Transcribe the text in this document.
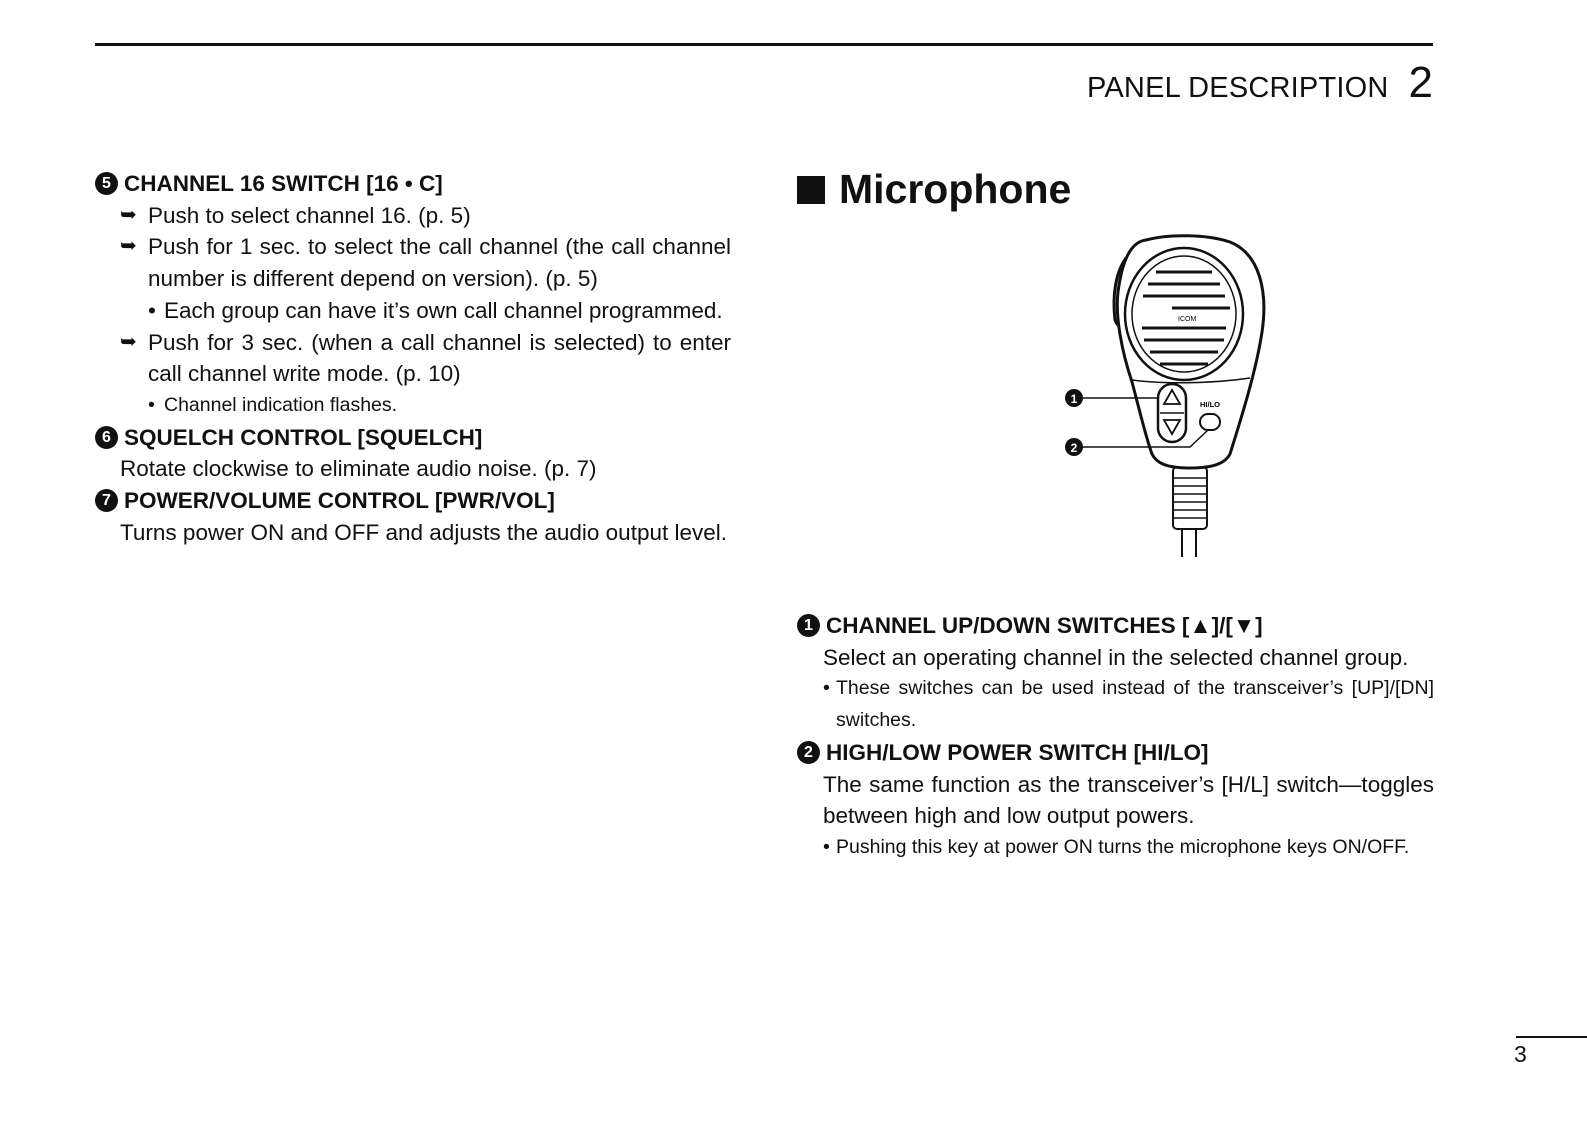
PANEL DESCRIPTION 2
5 CHANNEL 16 SWITCH [16 • C]
➥ Push to select channel 16. (p. 5)
➥ Push for 1 sec. to select the call channel (the call channel number is different depend on version). (p. 5)
• Each group can have it’s own call channel programmed.
➥ Push for 3 sec. (when a call channel is selected) to enter call channel write mode. (p. 10)
• Channel indication flashes.
6 SQUELCH CONTROL [SQUELCH]
Rotate clockwise to eliminate audio noise. (p. 7)
7 POWER/VOLUME CONTROL [PWR/VOL]
Turns power ON and OFF and adjusts the audio output level.
Microphone
ICOM
HI/LO
1
2
1 CHANNEL UP/DOWN SWITCHES [▲]/[▼]
Select an operating channel in the selected channel group.
• These switches can be used instead of the transceiver’s [UP]/[DN] switches.
2 HIGH/LOW POWER SWITCH [HI/LO]
The same function as the transceiver’s [H/L] switch—toggles between high and low output powers.
• Pushing this key at power ON turns the microphone keys ON/OFF.
3
